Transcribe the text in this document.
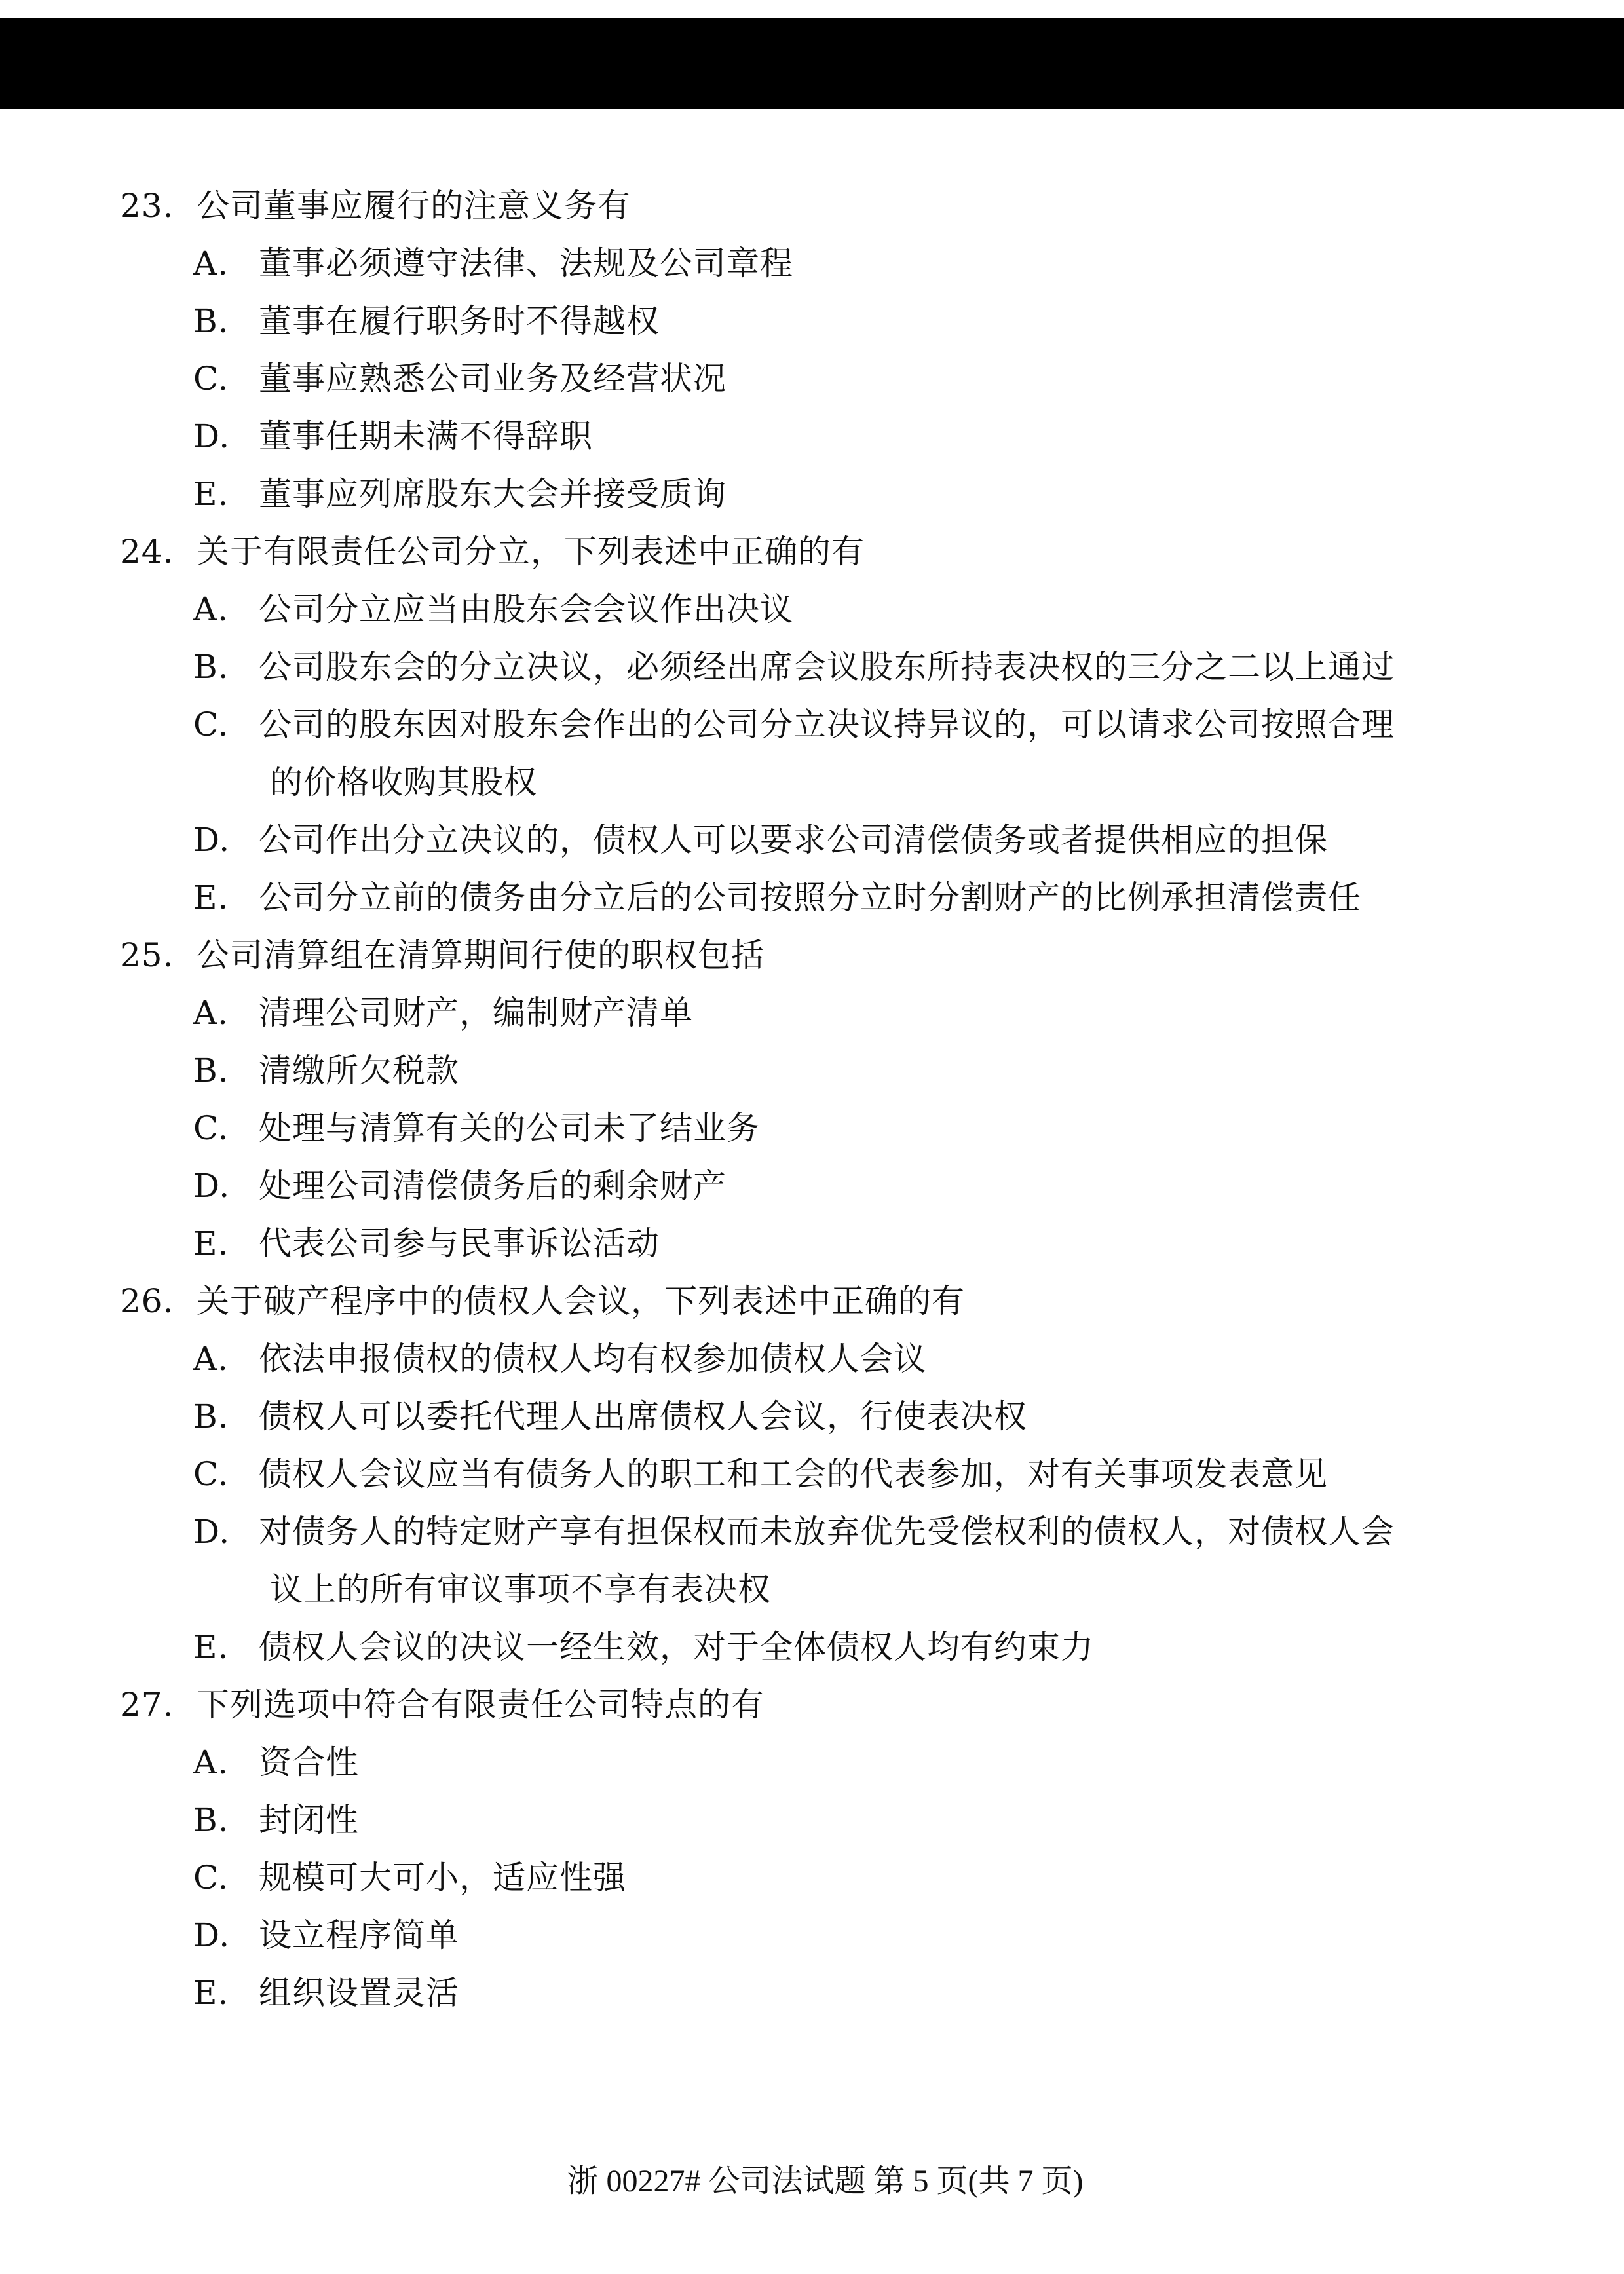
23. 公司董事应履行的注意义务有
A. 董事必须遵守法律、法规及公司章程
B. 董事在履行职务时不得越权
C. 董事应熟悉公司业务及经营状况
D. 董事任期未满不得辞职
E. 董事应列席股东大会并接受质询
24. 关于有限责任公司分立，下列表述中正确的有
A. 公司分立应当由股东会会议作出决议
B. 公司股东会的分立决议，必须经出席会议股东所持表决权的三分之二以上通过
C. 公司的股东因对股东会作出的公司分立决议持异议的，可以请求公司按照合理
的价格收购其股权
D. 公司作出分立决议的，债权人可以要求公司清偿债务或者提供相应的担保
E. 公司分立前的债务由分立后的公司按照分立时分割财产的比例承担清偿责任
25. 公司清算组在清算期间行使的职权包括
A. 清理公司财产，编制财产清单
B. 清缴所欠税款
C. 处理与清算有关的公司未了结业务
D. 处理公司清偿债务后的剩余财产
E. 代表公司参与民事诉讼活动
26. 关于破产程序中的债权人会议，下列表述中正确的有
A. 依法申报债权的债权人均有权参加债权人会议
B. 债权人可以委托代理人出席债权人会议，行使表决权
C. 债权人会议应当有债务人的职工和工会的代表参加，对有关事项发表意见
D. 对债务人的特定财产享有担保权而未放弃优先受偿权利的债权人，对债权人会
议上的所有审议事项不享有表决权
E. 债权人会议的决议一经生效，对于全体债权人均有约束力
27. 下列选项中符合有限责任公司特点的有
A. 资合性
B. 封闭性
C. 规模可大可小，适应性强
D. 设立程序简单
E. 组织设置灵活
浙 00227# 公司法试题 第 5 页(共 7 页)
